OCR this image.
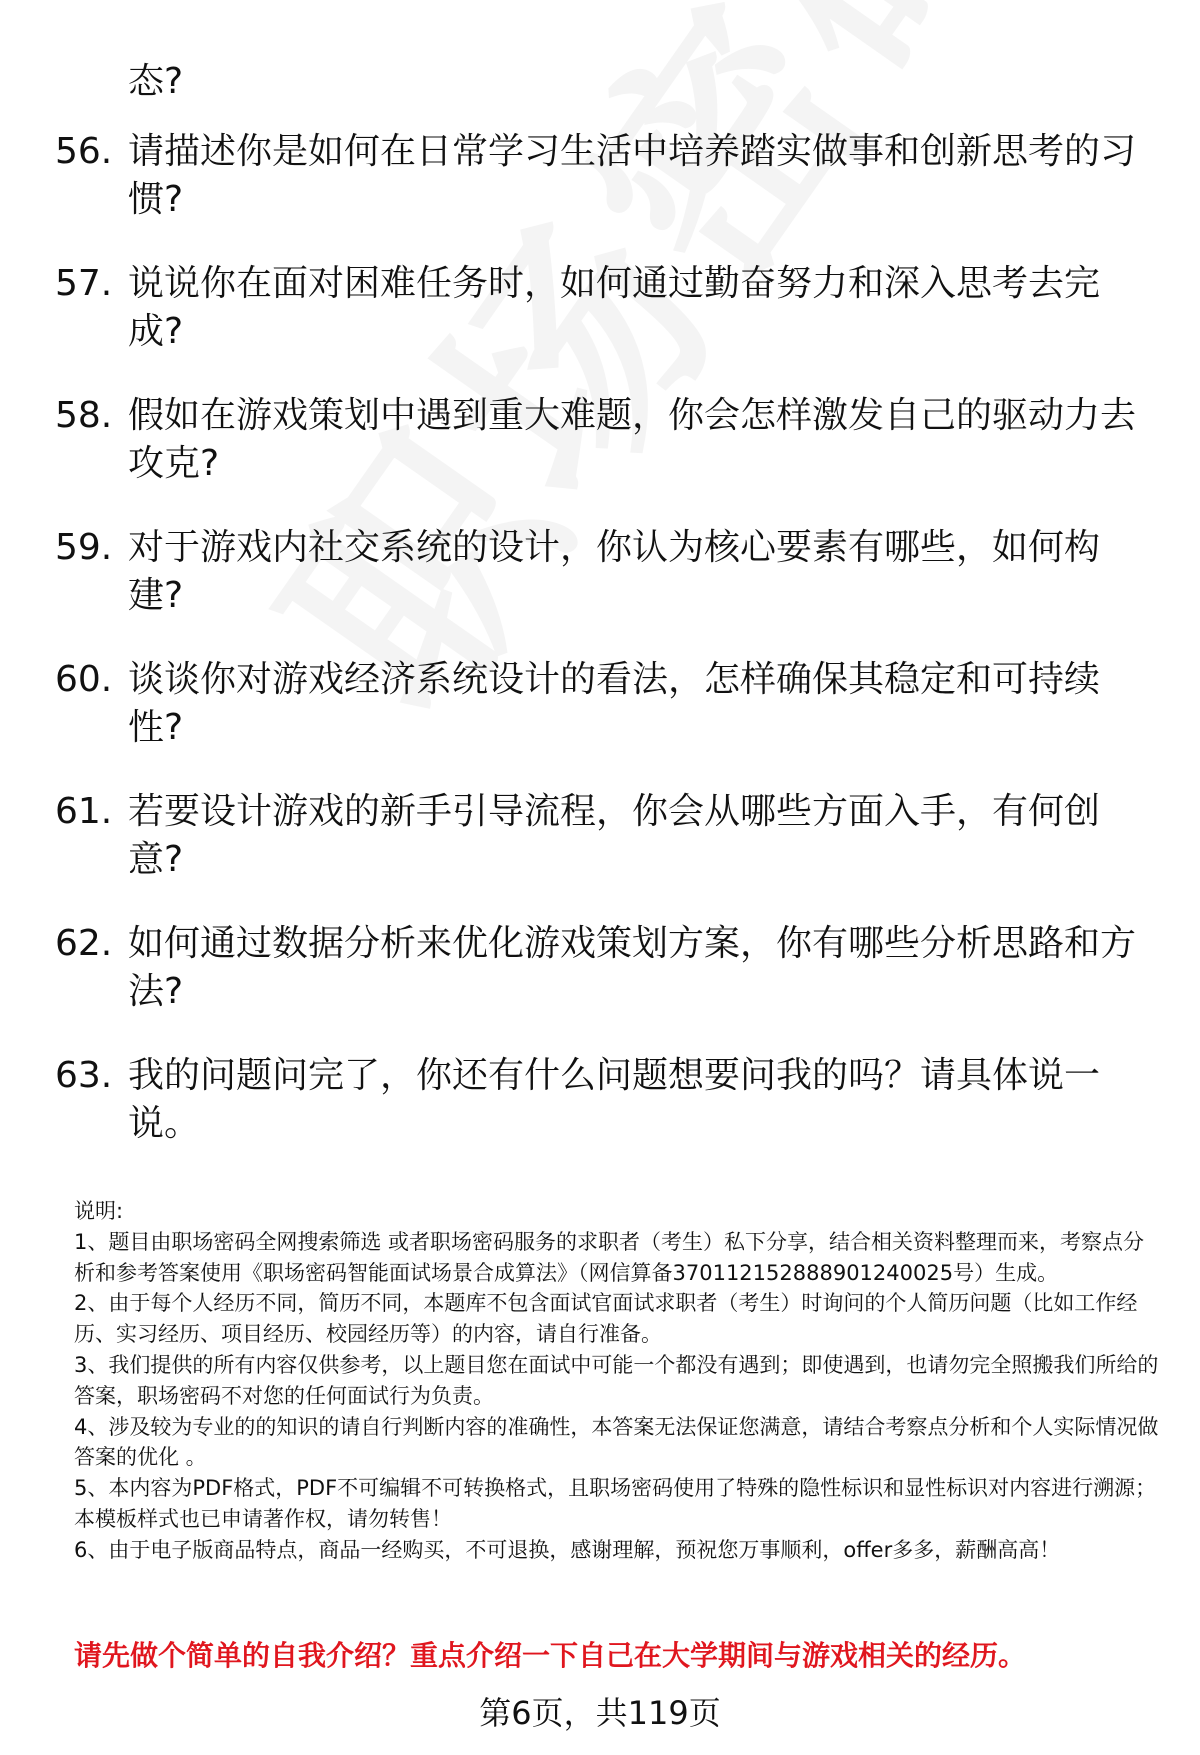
态?
56. 请描述你是如何在日常学习生活中培养踏实做事和创新思考的习惯?
57. 说说你在面对困难任务时，如何通过勤奋努力和深入思考去完成?
58. 假如在游戏策划中遇到重大难题，你会怎样激发自己的驱动力去攻克?
59. 对于游戏内社交系统的设计，你认为核心要素有哪些，如何构建?
60. 谈谈你对游戏经济系统设计的看法，怎样确保其稳定和可持续性?
61. 若要设计游戏的新手引导流程，你会从哪些方面入手，有何创意?
62. 如何通过数据分析来优化游戏策划方案，你有哪些分析思路和方法?
63. 我的问题问完了，你还有什么问题想要问我的吗？请具体说一说。

说明:

1、题目由职场密码全网搜索筛选 或者职场密码服务的求职者（考生）私下分享，结合相关资料整理而来，考察点分析和参考答案使用《职场密码智能面试场景合成算法》（网信算备370112152888901240025号）生成。

2、由于每个人经历不同，简历不同，本题库不包含面试官面试求职者（考生）时询问的个人简历问题（比如工作经历、实习经历、项目经历、校园经历等）的内容，请自行准备。

3、我们提供的所有内容仅供参考，以上题目您在面试中可能一个都没有遇到；即使遇到，也请勿完全照搬我们所给的答案，职场密码不对您的任何面试行为负责。

4、涉及较为专业的的知识的请自行判断内容的准确性，本答案无法保证您满意，请结合考察点分析和个人实际情况做答案的优化 。

5、本内容为PDF格式，PDF不可编辑不可转换格式，且职场密码使用了特殊的隐性标识和显性标识对内容进行溯源；本模板样式也已申请著作权，请勿转售！

6、由于电子版商品特点，商品一经购买，不可退换，感谢理解，预祝您万事顺利，offer多多，薪酬高高！

请先做个简单的自我介绍？重点介绍一下自己在大学期间与游戏相关的经历。
第6页，共119页
